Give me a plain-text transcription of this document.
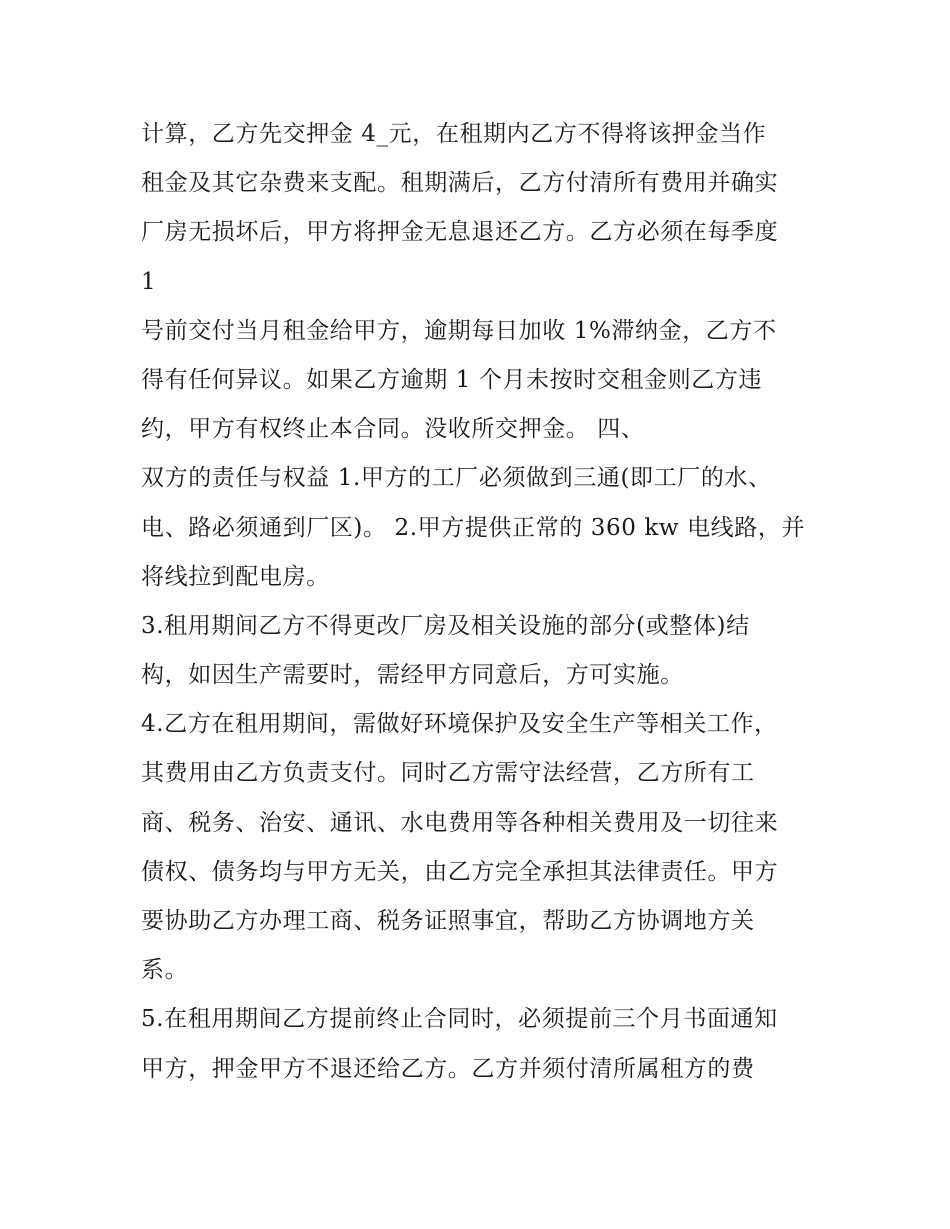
计算，乙方先交押金 4_元，在租期内乙方不得将该押金当作
租金及其它杂费来支配。租期满后，乙方付清所有费用并确实
厂房无损坏后，甲方将押金无息退还乙方。乙方必须在每季度
1
号前交付当月租金给甲方，逾期每日加收 1%滞纳金，乙方不
得有任何异议。如果乙方逾期 1 个月未按时交租金则乙方违
约，甲方有权终止本合同。没收所交押金。 四、
双方的责任与权益 1.甲方的工厂必须做到三通(即工厂的水、
电、路必须通到厂区)。 2.甲方提供正常的 360 kw 电线路，并
将线拉到配电房。
3.租用期间乙方不得更改厂房及相关设施的部分(或整体)结
构，如因生产需要时，需经甲方同意后，方可实施。
4.乙方在租用期间，需做好环境保护及安全生产等相关工作，
其费用由乙方负责支付。同时乙方需守法经营，乙方所有工
商、税务、治安、通讯、水电费用等各种相关费用及一切往来
债权、债务均与甲方无关，由乙方完全承担其法律责任。甲方
要协助乙方办理工商、税务证照事宜，帮助乙方协调地方关
系。
5.在租用期间乙方提前终止合同时，必须提前三个月书面通知
甲方，押金甲方不退还给乙方。乙方并须付清所属租方的费
